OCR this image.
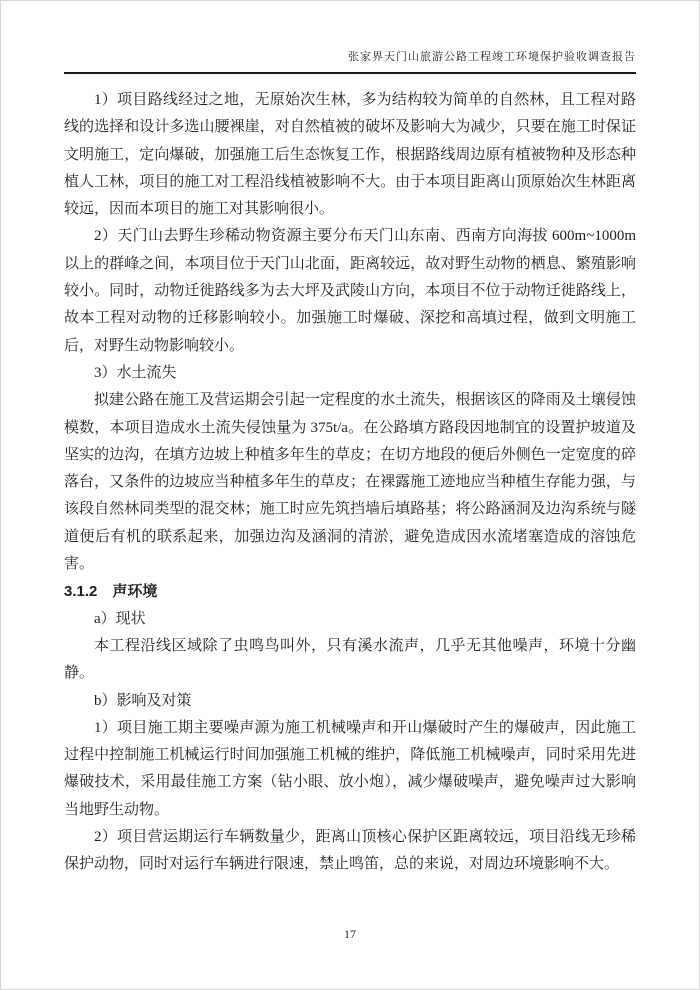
张家界天门山旅游公路工程竣工环境保护验收调查报告

1）项目路线经过之地，无原始次生林，多为结构较为简单的自然林，且工程对路线的选择和设计多选山腰裸崖，对自然植被的破坏及影响大为减少，只要在施工时保证文明施工，定向爆破，加强施工后生态恢复工作，根据路线周边原有植被物种及形态种植人工林，项目的施工对工程沿线植被影响不大。由于本项目距离山顶原始次生林距离较远，因而本项目的施工对其影响很小。

2）天门山去野生珍稀动物资源主要分布天门山东南、西南方向海拔 600m~1000m以上的群峰之间，本项目位于天门山北面，距离较远，故对野生动物的栖息、繁殖影响较小。同时，动物迁徙路线多为去大坪及武陵山方向，本项目不位于动物迁徙路线上，故本工程对动物的迁移影响较小。加强施工时爆破、深挖和高填过程，做到文明施工后，对野生动物影响较小。

3）水土流失

拟建公路在施工及营运期会引起一定程度的水土流失，根据该区的降雨及土壤侵蚀模数，本项目造成水土流失侵蚀量为 375t/a。在公路填方路段因地制宜的设置护坡道及坚实的边沟，在填方边坡上种植多年生的草皮；在切方地段的便后外侧色一定宽度的碎落台，又条件的边坡应当种植多年生的草皮；在裸露施工迹地应当种植生存能力强，与该段自然林同类型的混交林；施工时应先筑挡墙后填路基；将公路涵洞及边沟系统与隧道便后有机的联系起来，加强边沟及涵洞的清淤，避免造成因水流堵塞造成的溶蚀危害。

3.1.2　声环境

a）现状

本工程沿线区域除了虫鸣鸟叫外，只有溪水流声，几乎无其他噪声，环境十分幽静。

b）影响及对策

1）项目施工期主要噪声源为施工机械噪声和开山爆破时产生的爆破声，因此施工过程中控制施工机械运行时间加强施工机械的维护，降低施工机械噪声，同时采用先进爆破技术，采用最佳施工方案（钻小眼、放小炮），减少爆破噪声，避免噪声过大影响当地野生动物。

2）项目营运期运行车辆数量少，距离山顶核心保护区距离较远，项目沿线无珍稀保护动物，同时对运行车辆进行限速，禁止鸣笛，总的来说，对周边环境影响不大。

17
